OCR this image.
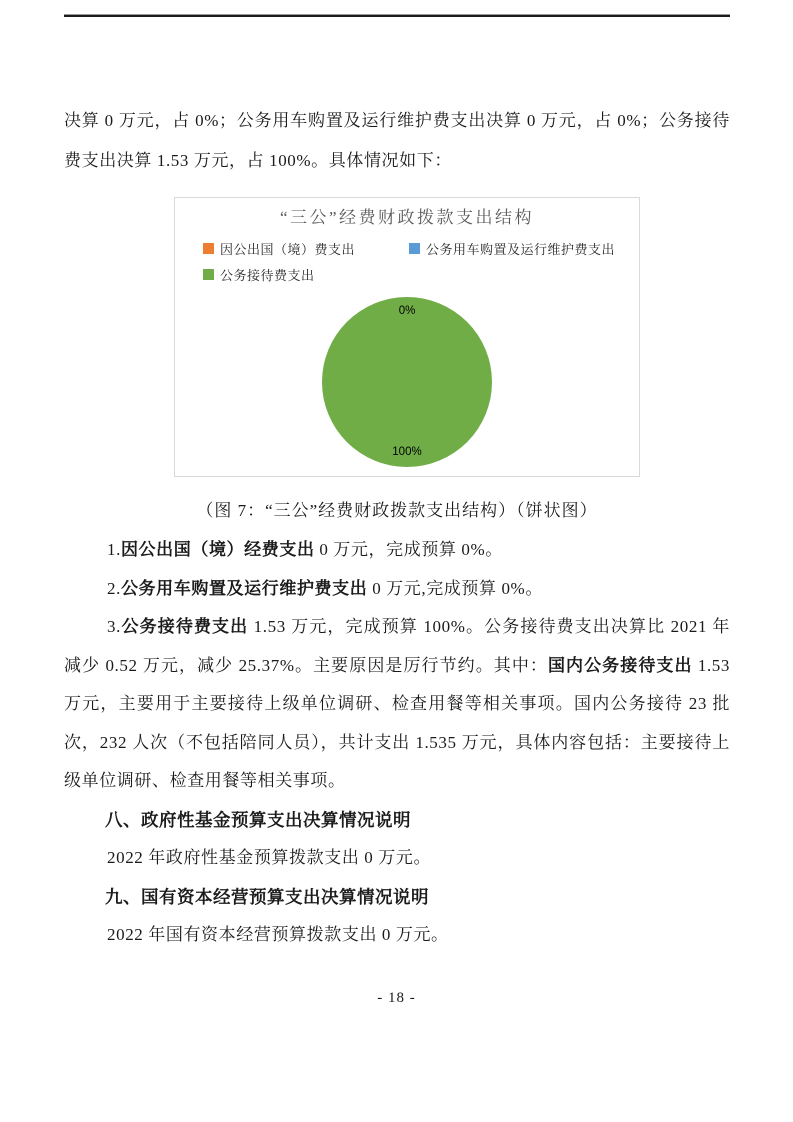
决算 0 万元，占 0%；公务用车购置及运行维护费支出决算 0 万元，占 0%；公务接待费支出决算 1.53 万元，占 100%。具体情况如下：

“三公”经费财政拨款支出结构
因公出国（境）费支出	公务用车购置及运行维护费支出
公务接待费支出
0%
100%

（图 7：“三公”经费财政拨款支出结构）（饼状图）

1.因公出国（境）经费支出 0 万元，完成预算 0%。

2.公务用车购置及运行维护费支出 0 万元,完成预算 0%。

3.公务接待费支出 1.53 万元，完成预算 100%。公务接待费支出决算比 2021 年减少 0.52 万元，减少 25.37%。主要原因是厉行节约。其中：国内公务接待支出 1.53 万元，主要用于主要接待上级单位调研、检查用餐等相关事项。国内公务接待 23 批次，232 人次（不包括陪同人员），共计支出 1.535 万元，具体内容包括：主要接待上级单位调研、检查用餐等相关事项。

八、政府性基金预算支出决算情况说明

2022 年政府性基金预算拨款支出 0 万元。

九、国有资本经营预算支出决算情况说明

2022 年国有资本经营预算拨款支出 0 万元。

- 18 -
